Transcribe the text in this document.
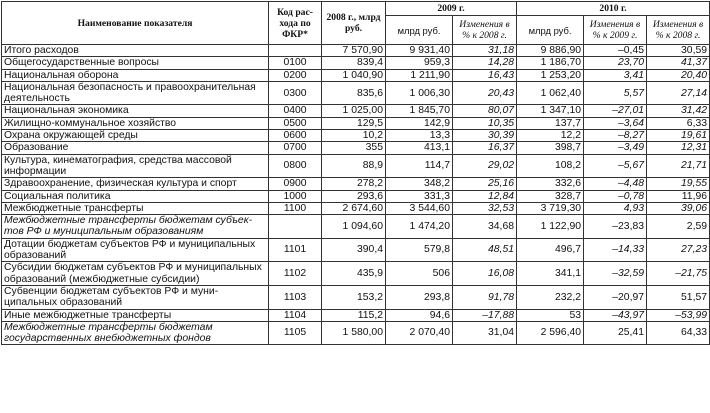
Наименование показателя	Код расхода по ФКР*	2008 г., млрд руб.	2009 г.		2010 г.		
			млрд руб.	Изменения в % к 2008 г.	млрд руб.	Изменения в % к 2009 г.	Изменения в % к 2008 г.
Итого расходов		7 570,90	9 931,40	31,18	9 886,90	–0,45	30,59
Общегосударственные вопросы	0100	839,4	959,3	14,28	1 186,70	23,70	41,37
Национальная оборона	0200	1 040,90	1 211,90	16,43	1 253,20	3,41	20,40
Национальная безопасность и правоохранительная деятельность	0300	835,6	1 006,30	20,43	1 062,40	5,57	27,14
Национальная экономика	0400	1 025,00	1 845,70	80,07	1 347,10	–27,01	31,42
Жилищно-коммунальное хозяйство	0500	129,5	142,9	10,35	137,7	–3,64	6,33
Охрана окружающей среды	0600	10,2	13,3	30,39	12,2	–8,27	19,61
Образование	0700	355	413,1	16,37	398,7	–3,49	12,31
Культура, кинематография, средства массовой информации	0800	88,9	114,7	29,02	108,2	–5,67	21,71
Здравоохранение, физическая культура и спорт	0900	278,2	348,2	25,16	332,6	–4,48	19,55
Социальная политика	1000	293,6	331,3	12,84	328,7	–0,78	11,96
Межбюджетные трансферты	1100	2 674,60	3 544,60	32,53	3 719,30	4,93	39,06
Межбюджетные трансферты бюджетам субъектов РФ и муниципальным образованиям		1 094,60	1 474,20	34,68	1 122,90	–23,83	2,59
Дотации бюджетам субъектов РФ и муниципальных образований	1101	390,4	579,8	48,51	496,7	–14,33	27,23
Субсидии бюджетам субъектов РФ и муниципальных образований (межбюджетные субсидии)	1102	435,9	506	16,08	341,1	–32,59	–21,75
Субвенции бюджетам субъектов РФ и муниципальных образований	1103	153,2	293,8	91,78	232,2	–20,97	51,57
Иные межбюджетные трансферты	1104	115,2	94,6	–17,88	53	–43,97	–53,99
Межбюджетные трансферты бюджетам государственных внебюджетных фондов	1105	1 580,00	2 070,40	31,04	2 596,40	25,41	64,33
